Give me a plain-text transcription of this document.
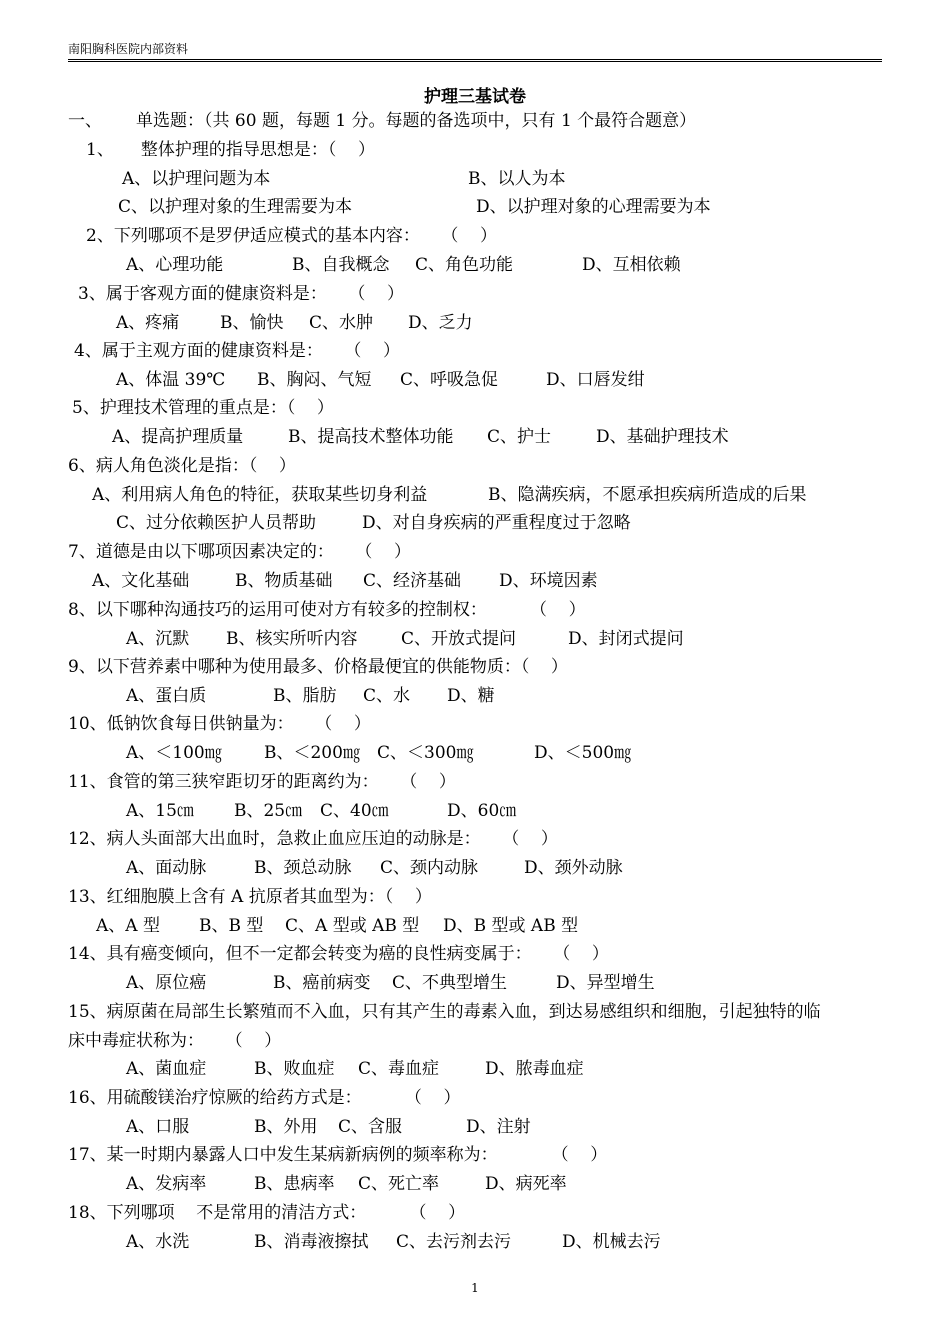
南阳胸科医院内部资料
护理三基试卷
一、 单选题：（共 60 题，每题 1 分。每题的备选项中，只有 1 个最符合题意）
1、     整体护理的指导思想是：（    ）
A、以护理问题为本	B、以人为本
C、以护理对象的生理需要为本	D、以护理对象的心理需要为本
2、下列哪项不是罗伊适应模式的基本内容：    （    ）
A、心理功能	B、自我概念 C、角色功能	D、互相依赖
3、属于客观方面的健康资料是：    （    ）
A、疼痛 B、愉快 C、水肿 D、乏力
4、属于主观方面的健康资料是：    （    ）
A、体温 39℃ B、胸闷、气短 C、呼吸急促	D、口唇发绀
5、护理技术管理的重点是：（    ）
A、提高护理质量	B、提高技术整体功能 C、护士	D、基础护理技术
6、病人角色淡化是指：（    ）
A、利用病人角色的特征，获取某些切身利益	B、隐满疾病，不愿承担疾病所造成的后果
C、过分依赖医护人员帮助	D、对自身疾病的严重程度过于忽略
7、道德是由以下哪项因素决定的：    （    ）
A、文化基础	B、物质基础 C、经济基础 D、环境因素
8、以下哪种沟通技巧的运用可使对方有较多的控制权：        （    ）
A、沉默 B、核实所听内容	C、开放式提问	D、封闭式提问
9、以下营养素中哪种为使用最多、价格最便宜的供能物质：（    ）
A、蛋白质	B、脂肪 C、水 D、糖
10、低钠饮食每日供钠量为：    （    ）
A、＜100㎎ B、＜200㎎ C、＜300㎎	D、＜500㎎
11、食管的第三狭窄距切牙的距离约为：    （    ）
A、15㎝ B、25㎝ C、40㎝	D、60㎝
12、病人头面部大出血时，急救止血应压迫的动脉是：    （    ）
A、面动脉	B、颈总动脉 C、颈内动脉	D、颈外动脉
13、红细胞膜上含有 A 抗原者其血型为：（    ）
A、A 型 B、B 型 C、A 型或 AB 型 D、B 型或 AB 型
14、具有癌变倾向，但不一定都会转变为癌的良性病变属于：    （    ）
A、原位癌	B、癌前病变 C、不典型增生	D、异型增生
15、病原菌在局部生长繁殖而不入血，只有其产生的毒素入血，到达易感组织和细胞，引起独特的临
床中毒症状称为：    （    ）
A、菌血症	B、败血症 C、毒血症	D、脓毒血症
16、用硫酸镁治疗惊厥的给药方式是：        （    ）
A、口服	B、外用 C、含服	D、注射
17、某一时期内暴露人口中发生某病新病例的频率称为：          （    ）
A、发病率	B、患病率 C、死亡率	D、病死率
18、下列哪项    不是常用的清洁方式：        （    ）
A、水洗	B、消毒液擦拭 C、去污剂去污	D、机械去污
1
